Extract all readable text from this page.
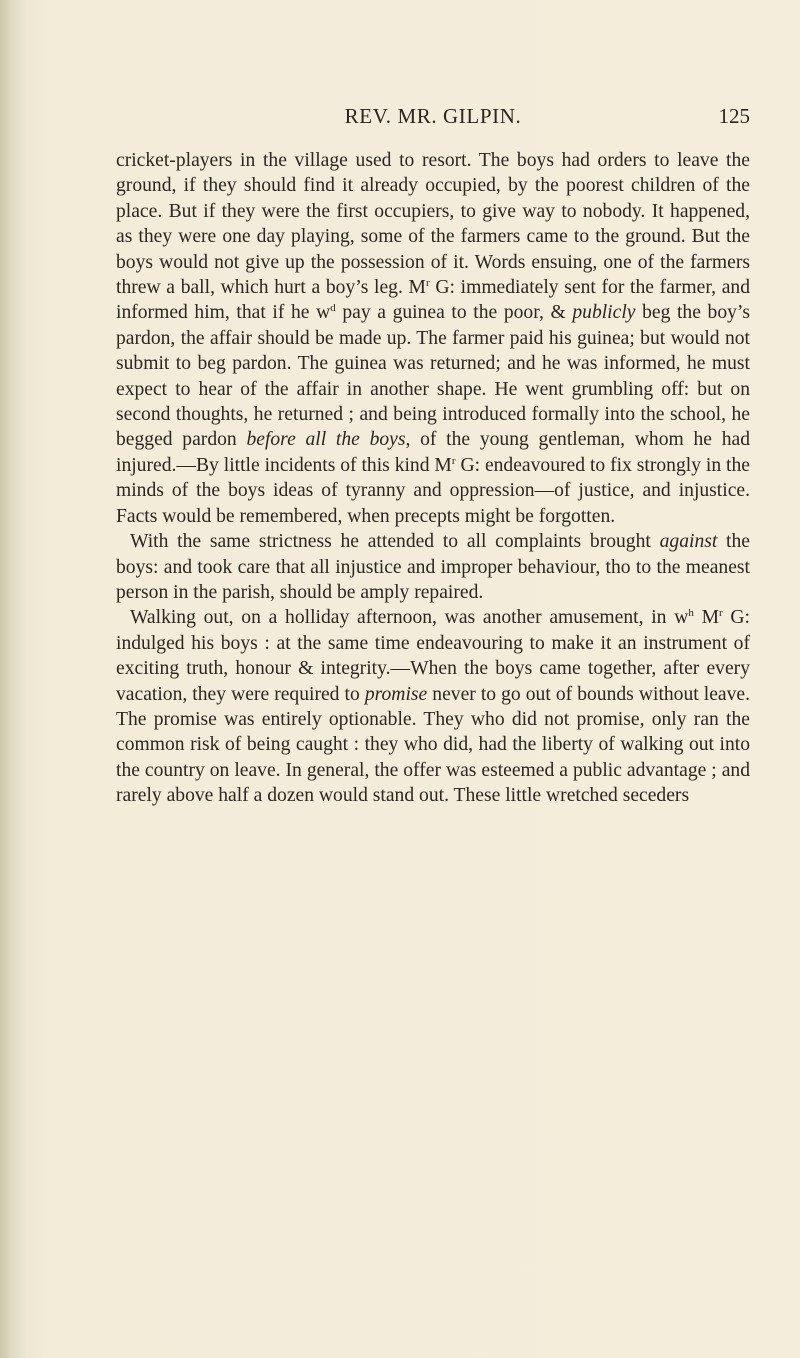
REV. MR. GILPIN.	125

cricket-players in the village used to resort. The boys had orders to leave the ground, if they should find it already occupied, by the poorest children of the place. But if they were the first occupiers, to give way to nobody. It happened, as they were one day playing, some of the farmers came to the ground. But the boys would not give up the possession of it. Words ensuing, one of the farmers threw a ball, which hurt a boy’s leg. $M^r$ G: immediately sent for the farmer, and informed him, that if he $w^d$ pay a guinea to the poor, & publicly beg the boy’s pardon, the affair should be made up. The farmer paid his guinea; but would not submit to beg pardon. The guinea was returned; and he was informed, he must expect to hear of the affair in another shape. He went grumbling off: but on second thoughts, he returned ; and being introduced formally into the school, he begged pardon before all the boys, of the young gentleman, whom he had injured.—By little incidents of this kind $M^r$ G: endeavoured to fix strongly in the minds of the boys ideas of tyranny and oppression—of justice, and injustice. Facts would be remembered, when precepts might be forgotten.

With the same strictness he attended to all complaints brought against the boys: and took care that all injustice and improper behaviour, tho to the meanest person in the parish, should be amply repaired.

Walking out, on a holliday afternoon, was another amusement, in $w^h$ $M^r$ G: indulged his boys : at the same time endeavouring to make it an instrument of exciting truth, honour & integrity.—When the boys came together, after every vacation, they were required to promise never to go out of bounds without leave. The promise was entirely optionable. They who did not promise, only ran the common risk of being caught : they who did, had the liberty of walking out into the country on leave. In general, the offer was esteemed a public advantage ; and rarely above half a dozen would stand out. These little wretched seceders
